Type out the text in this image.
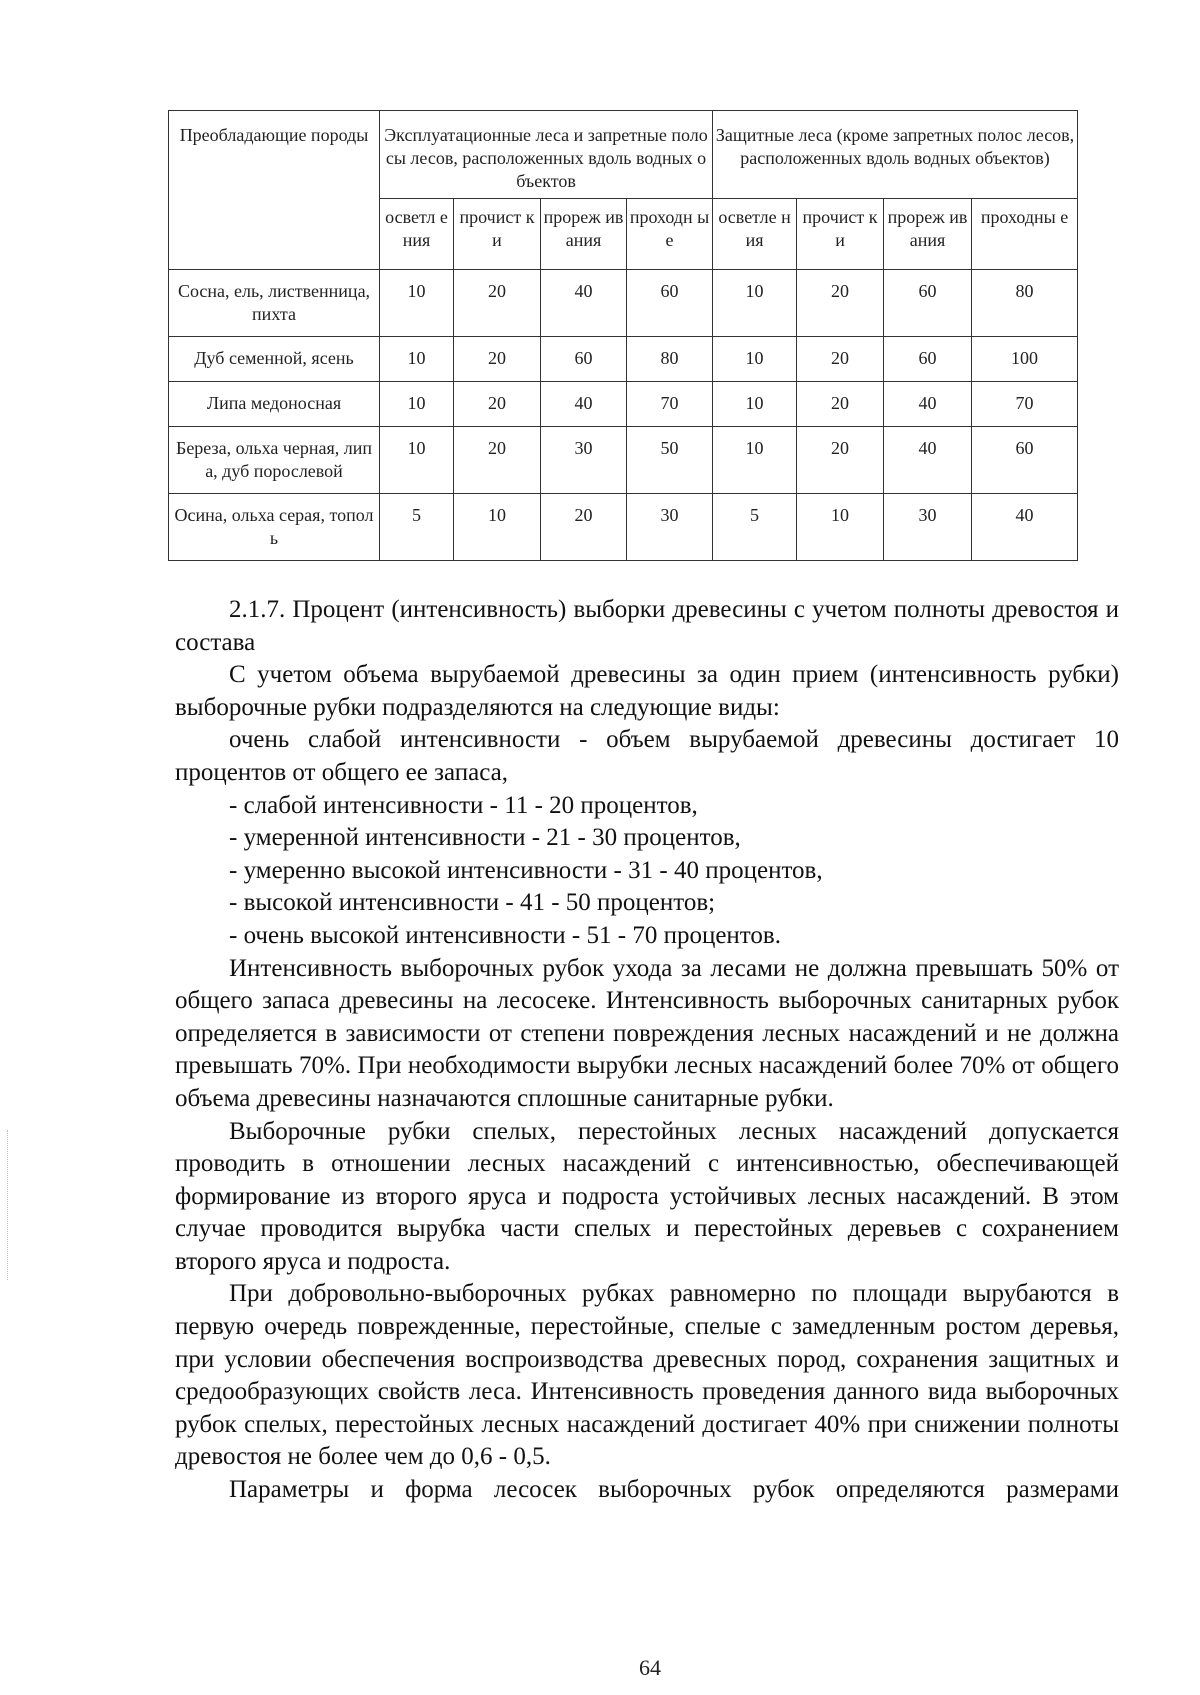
Преобладающие породы	Эксплуатационные леса и запретные полосы лесов, расположенных вдоль водных объектов				Защитные леса (кроме запретных полос лесов, расположенных вдоль водных объектов)			
	осветл ения	прочист ки	прореж ивания	проходн ые	осветле ния	прочист ки	прореж ивания	проходны е
Сосна, ель, лиственница, пихта	10	20	40	60	10	20	60	80
Дуб семенной, ясень	10	20	60	80	10	20	60	100
Липа медоносная	10	20	40	70	10	20	40	70
Береза, ольха черная, липа, дуб порослевой	10	20	30	50	10	20	40	60
Осина, ольха серая, тополь	5	10	20	30	5	10	30	40

2.1.7. Процент (интенсивность) выборки древесины с учетом полноты древостоя и состава

С учетом объема вырубаемой древесины за один прием (интенсивность рубки) выборочные рубки подразделяются на следующие виды:

очень слабой интенсивности - объем вырубаемой древесины достигает 10 процентов от общего ее запаса,

- слабой интенсивности - 11 - 20 процентов,

- умеренной интенсивности - 21 - 30 процентов,

- умеренно высокой интенсивности - 31 - 40 процентов,

- высокой интенсивности - 41 - 50 процентов;

- очень высокой интенсивности - 51 - 70 процентов.

Интенсивность выборочных рубок ухода за лесами не должна превышать 50% от общего запаса древесины на лесосеке. Интенсивность выборочных санитарных рубок определяется в зависимости от степени повреждения лесных насаждений и не должна превышать 70%. При необходимости вырубки лесных насаждений более 70% от общего объема древесины назначаются сплошные санитарные рубки.

Выборочные рубки спелых, перестойных лесных насаждений допускается проводить в отношении лесных насаждений с интенсивностью, обеспечивающей формирование из второго яруса и подроста устойчивых лесных насаждений. В этом случае проводится вырубка части спелых и перестойных деревьев с сохранением второго яруса и подроста.

При добровольно-выборочных рубках равномерно по площади вырубаются в первую очередь поврежденные, перестойные, спелые с замедленным ростом деревья, при условии обеспечения воспроизводства древесных пород, сохранения защитных и средообразующих свойств леса. Интенсивность проведения данного вида выборочных рубок спелых, перестойных лесных насаждений достигает 40% при снижении полноты древостоя не более чем до 0,6 - 0,5.

Параметры и форма лесосек выборочных рубок определяются размерами

64
